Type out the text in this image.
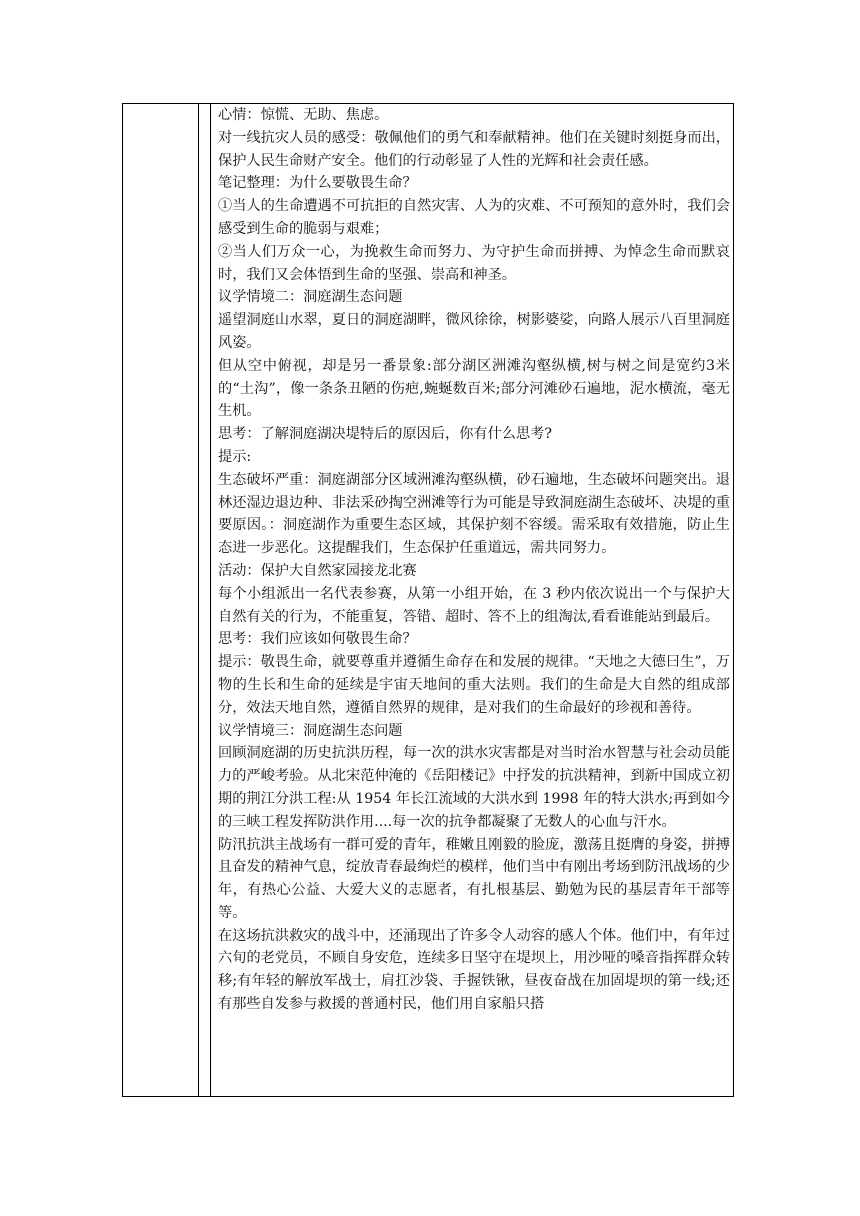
心情：惊慌、无助、焦虑。

对一线抗灾人员的感受：敬佩他们的勇气和奉献精神。他们在关键时刻挺身而出，保护人民生命财产安全。他们的行动彰显了人性的光辉和社会责任感。

笔记整理：为什么要敬畏生命？

①当人的生命遭遇不可抗拒的自然灾害、人为的灾难、不可预知的意外时，我们会感受到生命的脆弱与艰难；

②当人们万众一心，为挽救生命而努力、为守护生命而拼搏、为悼念生命而默哀时，我们又会体悟到生命的坚强、崇高和神圣。

议学情境二：洞庭湖生态问题

遥望洞庭山水翠，夏日的洞庭湖畔，微风徐徐，树影婆娑，向路人展示八百里洞庭风姿。

但从空中俯视，却是另一番景象:部分湖区洲滩沟壑纵横,树与树之间是宽约3米的“土沟”，像一条条丑陋的伤疤,蜿蜒数百米;部分河滩砂石遍地，泥水横流，毫无生机。

思考：了解洞庭湖决堤特后的原因后，你有什么思考?

提示:

生态破坏严重：洞庭湖部分区域洲滩沟壑纵横，砂石遍地，生态破坏问题突出。退林还湿边退边种、非法采砂掏空洲滩等行为可能是导致洞庭湖生态破坏、决堤的重要原因。：洞庭湖作为重要生态区域，其保护刻不容缓。需采取有效措施，防止生态进一步恶化。这提醒我们，生态保护任重道远，需共同努力。

活动：保护大自然家园接龙北赛

每个小组派出一名代表参赛，从第一小组开始，在 3 秒内依次说出一个与保护大自然有关的行为，不能重复，答错、超时、答不上的组淘汰,看看谁能站到最后。

思考：我们应该如何敬畏生命？

提示：敬畏生命，就要尊重并遵循生命存在和发展的规律。“天地之大德曰生”，万物的生长和生命的延续是宇宙天地间的重大法则。我们的生命是大自然的组成部分，效法天地自然，遵循自然界的规律，是对我们的生命最好的珍视和善待。

议学情境三：洞庭湖生态问题

回顾洞庭湖的历史抗洪历程，每一次的洪水灾害都是对当时治水智慧与社会动员能力的严峻考验。从北宋范仲淹的《岳阳楼记》中抒发的抗洪精神，到新中国成立初期的荆江分洪工程:从 1954 年长江流域的大洪水到 1998 年的特大洪水;再到如今的三峡工程发挥防洪作用....每一次的抗争都凝聚了无数人的心血与汗水。

防汛抗洪主战场有一群可爱的青年，稚嫩且刚毅的脸庞，激荡且挺膺的身姿，拼搏且奋发的精神气息，绽放青春最绚烂的模样，他们当中有刚出考场到防汛战场的少年，有热心公益、大爱大义的志愿者，有扎根基层、勤勉为民的基层青年干部等等。

在这场抗洪救灾的战斗中，还涌现出了许多令人动容的感人个体。他们中，有年过六旬的老党员，不顾自身安危，连续多日坚守在堤坝上，用沙哑的嗓音指挥群众转移;有年轻的解放军战士，肩扛沙袋、手握铁锹，昼夜奋战在加固堤坝的第一线;还有那些自发参与救援的普通村民，他们用自家船只搭
